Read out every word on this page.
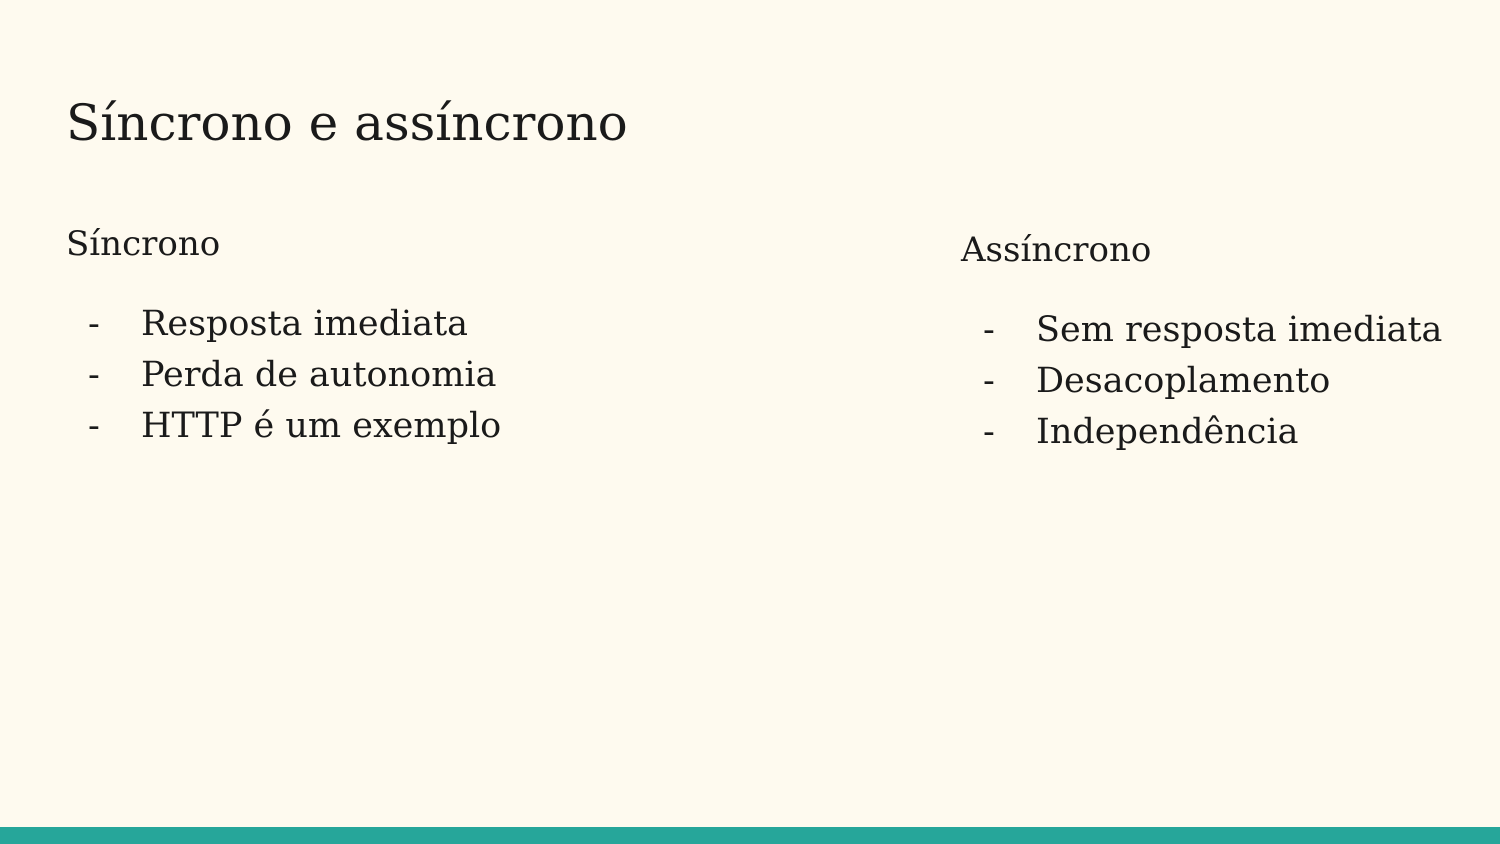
Síncrono e assíncrono
Síncrono
- Resposta imediata
- Perda de autonomia
- HTTP é um exemplo
Assíncrono
- Sem resposta imediata
- Desacoplamento
- Independência
